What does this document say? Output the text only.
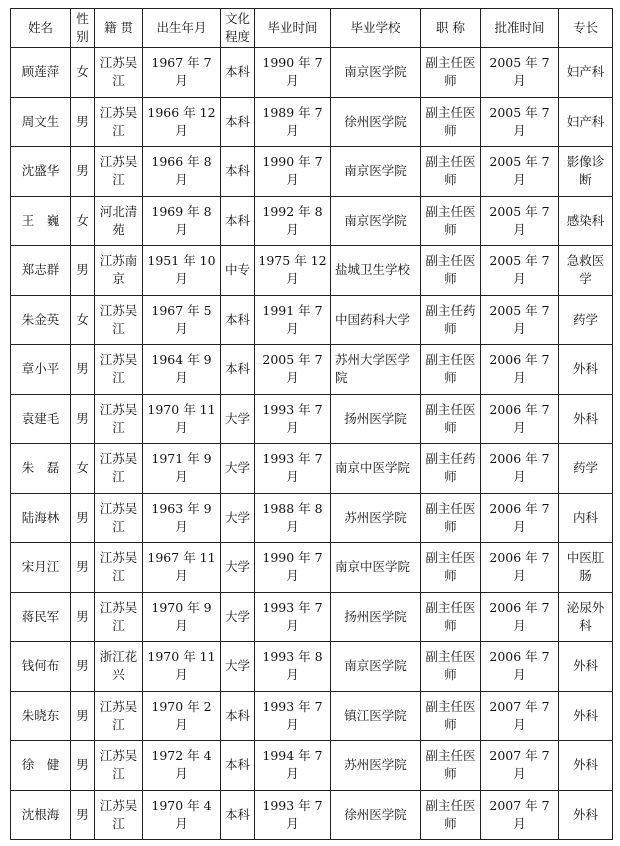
姓名	性别	籍 贯	出生年月	文化程度	毕业时间	毕业学校	职 称	批准时间	专长
顾莲萍	女	江苏吴江	1967 年 7 月	本科	1990 年 7 月	南京医学院	副主任医师	2005 年 7 月	妇产科
周文生	男	江苏吴江	1966 年 12 月	本科	1989 年 7 月	徐州医学院	副主任医师	2005 年 7 月	妇产科
沈盛华	男	江苏吴江	1966 年 8 月	本科	1990 年 7 月	南京医学院	副主任医师	2005 年 7 月	影像诊断
王　巍	女	河北清苑	1969 年 8 月	本科	1992 年 8 月	南京医学院	副主任医师	2005 年 7 月	感染科
郑志群	男	江苏南京	1951 年 10 月	中专	1975 年 12 月	盐城卫生学校	副主任医师	2005 年 7 月	急救医学
朱金英	女	江苏吴江	1967 年 5 月	本科	1991 年 7 月	中国药科大学	副主任药师	2005 年 7 月	药学
章小平	男	江苏吴江	1964 年 9 月	本科	2005 年 7 月	苏州大学医学院	副主任医师	2006 年 7 月	外科
袁建毛	男	江苏吴江	1970 年 11 月	大学	1993 年 7 月	扬州医学院	副主任医师	2006 年 7 月	外科
朱　磊	女	江苏吴江	1971 年 9 月	大学	1993 年 7 月	南京中医学院	副主任药师	2006 年 7 月	药学
陆海林	男	江苏吴江	1963 年 9 月	大学	1988 年 8 月	苏州医学院	副主任医师	2006 年 7 月	内科
宋月江	男	江苏吴江	1967 年 11 月	大学	1990 年 7 月	南京中医学院	副主任医师	2006 年 7 月	中医肛肠
蒋民军	男	江苏吴江	1970 年 9 月	大学	1993 年 7 月	扬州医学院	副主任医师	2006 年 7 月	泌尿外科
钱何布	男	浙江花兴	1970 年 11 月	大学	1993 年 8 月	南京医学院	副主任医师	2006 年 7 月	外科
朱晓东	男	江苏吴江	1970 年 2 月	本科	1993 年 7 月	镇江医学院	副主任医师	2007 年 7 月	外科
徐　健	男	江苏吴江	1972 年 4 月	本科	1994 年 7 月	苏州医学院	副主任医师	2007 年 7 月	外科
沈根海	男	江苏吴江	1970 年 4 月	本科	1993 年 7 月	徐州医学院	副主任医师	2007 年 7 月	外科
